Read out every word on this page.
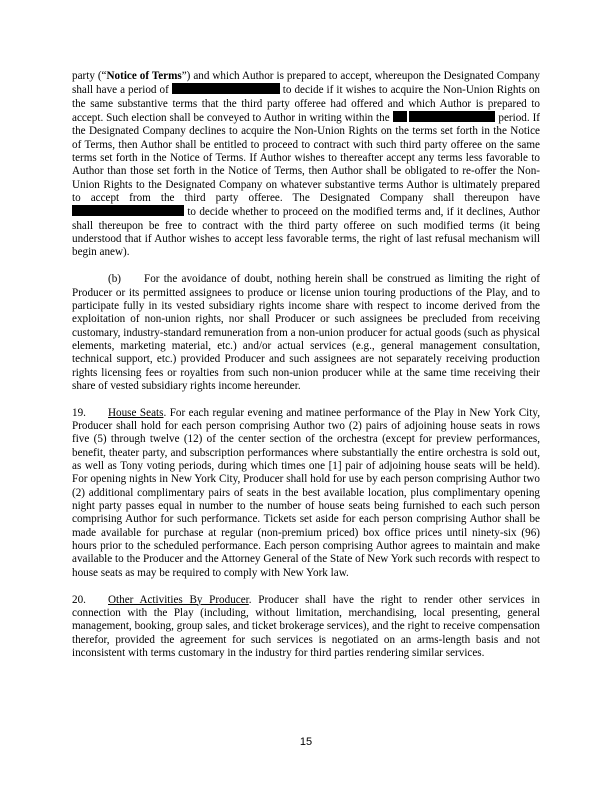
party (“Notice of Terms”) and which Author is prepared to accept, whereupon the Designated Company shall have a period of	to decide if it wishes to acquire the Non-Union Rights on the same substantive terms that the third party offeree had offered and which Author is prepared to accept. Such election shall be conveyed to Author in writing within the	period. If the Designated Company declines to acquire the Non-Union Rights on the terms set forth in the Notice of Terms, then Author shall be entitled to proceed to contract with such third party offeree on the same terms set forth in the Notice of Terms. If Author wishes to thereafter accept any terms less favorable to Author than those set forth in the Notice of Terms, then Author shall be obligated to re-offer the Non-Union Rights to the Designated Company on whatever substantive terms Author is ultimately prepared to accept from the third party offeree. The Designated Company shall thereupon have  to decide whether to proceed on the modified terms and, if it declines, Author shall thereupon be free to contract with the third party offeree on such modified terms (it being understood that if Author wishes to accept less favorable terms, the right of last refusal mechanism will begin anew).

(b) For the avoidance of doubt, nothing herein shall be construed as limiting the right of Producer or its permitted assignees to produce or license union touring productions of the Play, and to participate fully in its vested subsidiary rights income share with respect to income derived from the exploitation of non-union rights, nor shall Producer or such assignees be precluded from receiving customary, industry-standard remuneration from a non-union producer for actual goods (such as physical elements, marketing material, etc.) and/or actual services (e.g., general management consultation, technical support, etc.) provided Producer and such assignees are not separately receiving production rights licensing fees or royalties from such non-union producer while at the same time receiving their share of vested subsidiary rights income hereunder.

19. House Seats. For each regular evening and matinee performance of the Play in New York City, Producer shall hold for each person comprising Author two (2) pairs of adjoining house seats in rows five (5) through twelve (12) of the center section of the orchestra (except for preview performances, benefit, theater party, and subscription performances where substantially the entire orchestra is sold out, as well as Tony voting periods, during which times one [1] pair of adjoining house seats will be held). For opening nights in New York City, Producer shall hold for use by each person comprising Author two (2) additional complimentary pairs of seats in the best available location, plus complimentary opening night party passes equal in number to the number of house seats being furnished to each such person comprising Author for such performance. Tickets set aside for each person comprising Author shall be made available for purchase at regular (non-premium priced) box office prices until ninety-six (96) hours prior to the scheduled performance. Each person comprising Author agrees to maintain and make available to the Producer and the Attorney General of the State of New York such records with respect to house seats as may be required to comply with New York law.

20. Other Activities By Producer. Producer shall have the right to render other services in connection with the Play (including, without limitation, merchandising, local presenting, general management, booking, group sales, and ticket brokerage services), and the right to receive compensation therefor, provided the agreement for such services is negotiated on an arms-length basis and not inconsistent with terms customary in the industry for third parties rendering similar services.

15
